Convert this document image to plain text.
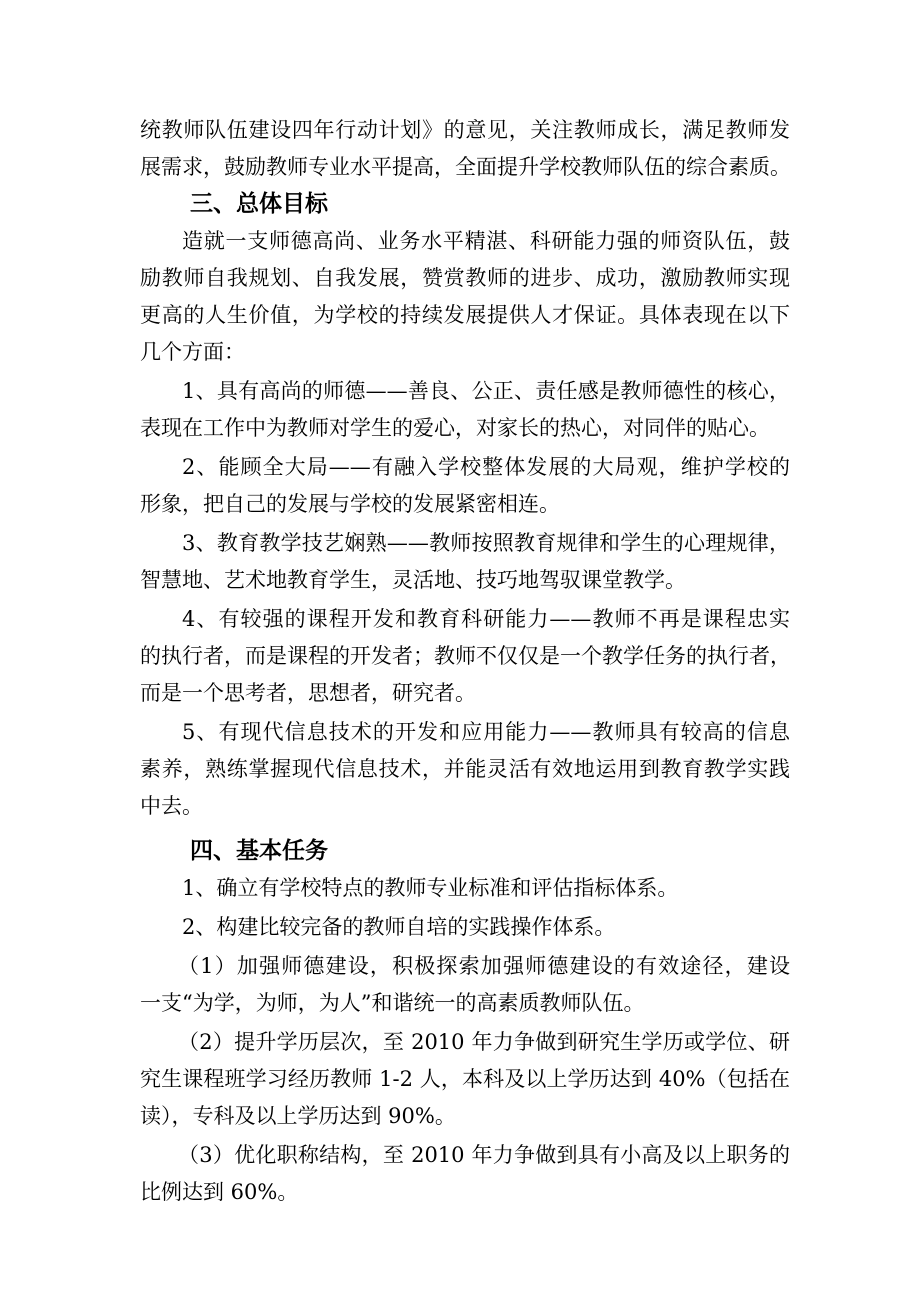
统教师队伍建设四年行动计划》的意见，关注教师成长，满足教师发
展需求，鼓励教师专业水平提高，全面提升学校教师队伍的综合素质。
三、总体目标
造就一支师德高尚、业务水平精湛、科研能力强的师资队伍，鼓
励教师自我规划、自我发展，赞赏教师的进步、成功，激励教师实现
更高的人生价值，为学校的持续发展提供人才保证。具体表现在以下
几个方面：
1、具有高尚的师德——善良、公正、责任感是教师德性的核心，
表现在工作中为教师对学生的爱心，对家长的热心，对同伴的贴心。
2、能顾全大局——有融入学校整体发展的大局观，维护学校的
形象，把自己的发展与学校的发展紧密相连。
3、教育教学技艺娴熟——教师按照教育规律和学生的心理规律，
智慧地、艺术地教育学生，灵活地、技巧地驾驭课堂教学。
4、有较强的课程开发和教育科研能力——教师不再是课程忠实
的执行者，而是课程的开发者；教师不仅仅是一个教学任务的执行者，
而是一个思考者，思想者，研究者。
5、有现代信息技术的开发和应用能力——教师具有较高的信息
素养，熟练掌握现代信息技术，并能灵活有效地运用到教育教学实践
中去。
四、基本任务
1、确立有学校特点的教师专业标准和评估指标体系。
2、构建比较完备的教师自培的实践操作体系。
（1）加强师德建设，积极探索加强师德建设的有效途径，建设
一支“为学，为师，为人”和谐统一的高素质教师队伍。
（2）提升学历层次，至 2010 年力争做到研究生学历或学位、研
究生课程班学习经历教师 1-2 人，本科及以上学历达到 40%（包括在
读），专科及以上学历达到 90%。
（3）优化职称结构，至 2010 年力争做到具有小高及以上职务的
比例达到 60%。
